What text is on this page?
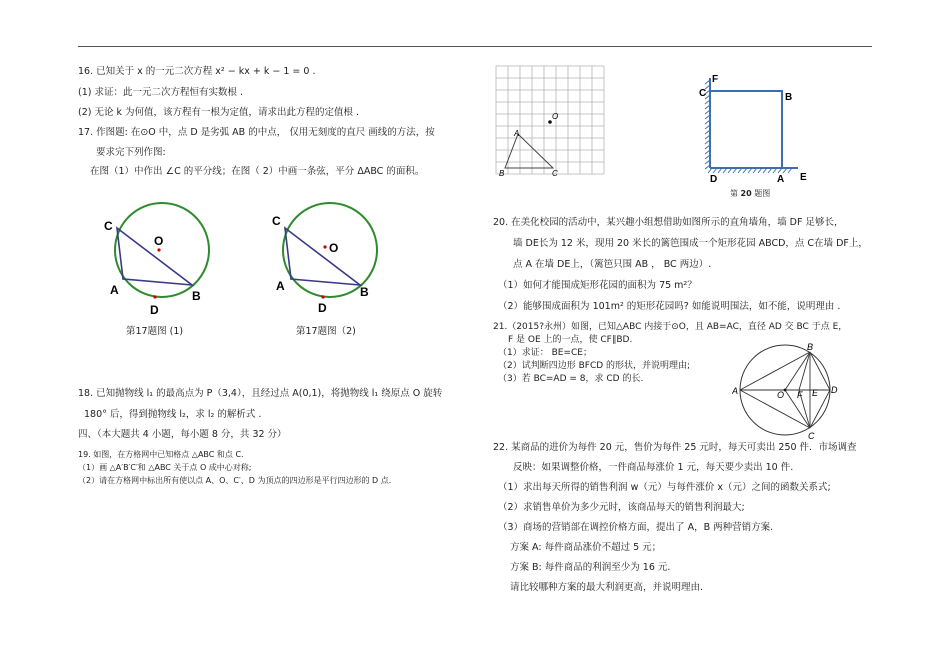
16. 已知关于 x 的一元二次方程 x² − kx + k − 1 = 0 .
(1) 求证：此一元二次方程恒有实数根 .
(2) 无论 k 为何值，该方程有一根为定值，请求出此方程的定值根 .
17. 作图题: 在⊙O 中，点 D 是劣弧 AB 的中点， 仅用无刻度的直尺 画线的方法，按
要求完下列作图:
在图（1）中作出 ∠C 的平分线；在图（ 2）中画一条弦，平分 ΔABC 的面积。
C
O
A	B
D
第17题图 (1)
C
O
A	B
D
第17题图（2)
18. 已知抛物线 l₁ 的最高点为 P（3,4），且经过点 A(0,1)，将抛物线 l₁ 绕原点 O 旋转
180° 后，得到抛物线 l₂，求 l₂ 的解析式 .
四、（本大题共 4 小题，每小题 8 分，共 32 分）
19. 如图，在方格网中已知格点 △ABC 和点 C.
（1）画 △A′B′C′和 △ABC 关于点 O 成中心对称;
（2）请在方格网中标出所有使以点 A、O、C′、D 为顶点的四边形是平行四边形的 D 点.
O
A
B	C
F
C	B
D	A E
第 20 题图
20. 在美化校园的活动中，某兴趣小组想借助如图所示的直角墙角，墙 DF 足够长，
墙 DE长为 12 米，现用 20 米长的篱笆围成一个矩形花园 ABCD，点 C在墙 DF上，
点 A 在墙 DE上，（篱笆只围 AB ， BC 两边）.
（1）如何才能围成矩形花园的面积为 75 m²？
（2）能够围成面积为 101m² 的矩形花园吗? 如能说明围法，如不能，说明理由 .
21.（2015?永州）如图，已知△ABC 内接于⊙O，且 AB=AC，直径 AD 交 BC 于点 E，
F 是 OE 上的一点，使 CF∥BD.
（1）求证： BE=CE；
（2）试判断四边形 BFCD 的形状，并说明理由;
（3）若 BC=AD = 8，求 CD 的长.
A
B
C
D
E
F
O
22. 某商品的进价为每件 20 元，售价为每件 25 元时，每天可卖出 250 件．市场调查
反映：如果调整价格，一件商品每涨价 1 元，每天要少卖出 10 件.
（1）求出每天所得的销售利润 w（元）与每件涨价 x（元）之间的函数关系式;
（2）求销售单价为多少元时，该商品每天的销售利润最大;
（3）商场的营销部在调控价格方面，提出了 A，B 两种营销方案.
方案 A: 每件商品涨价不超过 5 元；
方案 B: 每件商品的利润至少为 16 元.
请比较哪种方案的最大利润更高，并说明理由.
